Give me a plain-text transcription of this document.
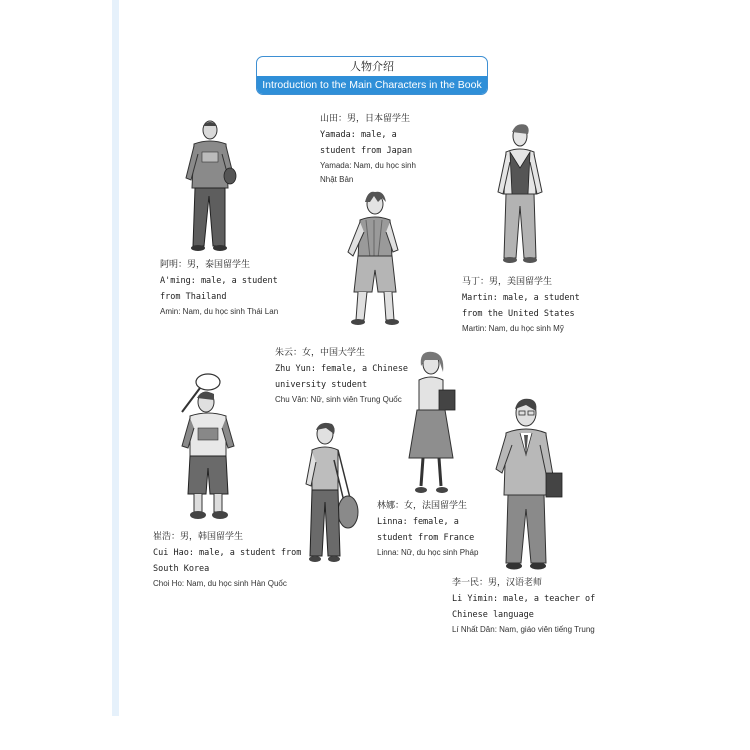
人物介绍
Introduction to the Main Characters in the Book
阿明：男，泰国留学生
A'ming: male, a student
from Thailand
Amin: Nam, du học sinh Thái Lan
山田：男，日本留学生
Yamada: male, a
student from Japan
Yamada: Nam, du học sinh
Nhật Bản
马丁：男，美国留学生
Martin: male, a student
from the United States
Martin: Nam, du học sinh Mỹ
朱云：女，中国大学生
Zhu Yun: female, a Chinese
university student
Chu Vân: Nữ, sinh viên Trung Quốc
崔浩：男，韩国留学生
Cui Hao: male, a student from
South Korea
Choi Ho: Nam, du học sinh Hàn Quốc
林娜：女，法国留学生
Linna: female, a
student from France
Linna: Nữ, du học sinh Pháp
李一民：男，汉语老师
Li Yimin: male, a teacher of
Chinese language
Lí Nhất Dân: Nam, giáo viên tiếng Trung
